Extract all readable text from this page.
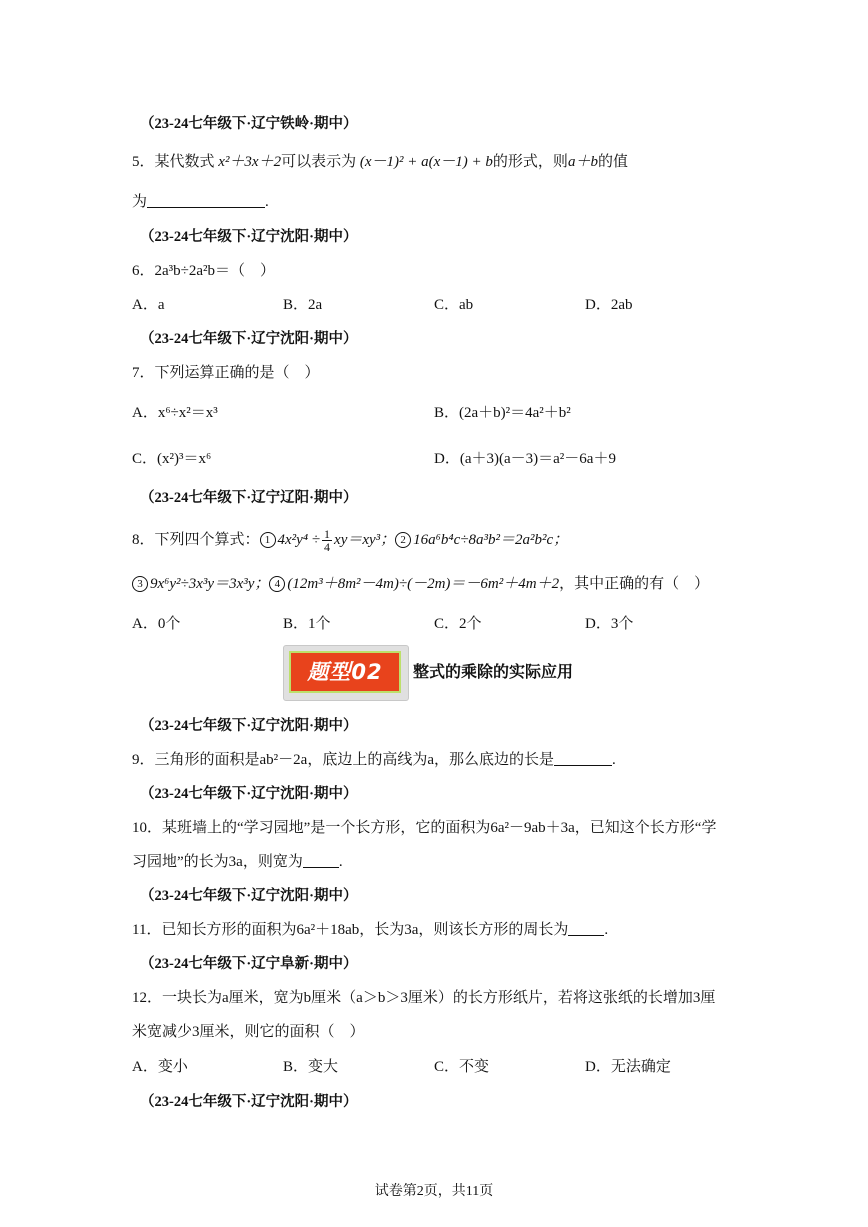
（23-24七年级下·辽宁铁岭·期中）
5．某代数式 x²＋3x＋2可以表示为 (x－1)² + a(x－1) + b的形式，则a＋b的值
为	.
（23-24七年级下·辽宁沈阳·期中）
6．2a³b÷2a²b＝（　）
A．a	B．2a	C．ab	D．2ab
（23-24七年级下·辽宁沈阳·期中）
7．下列运算正确的是（　）
A．x⁶÷x²＝x³	B．(2a＋b)²＝4a²＋b²
C．(x²)³＝x⁶	D．(a＋3)(a－3)＝a²－6a＋9
（23-24七年级下·辽宁辽阳·期中）
8．下列四个算式： 1 $4x^2y^4 \div \frac{1}{4} xy=xy^3$； 2 16a⁶b⁴c÷8a³b²＝2a²b²c；
3 9x⁶y²÷3x³y＝3x³y； 4 (12m³＋8m²－4m)÷(－2m)＝－6m²＋4m＋2，其中正确的有（　）
A．0个	B．1个	C．2个	D．3个
题型02	整式的乘除的实际应用
（23-24七年级下·辽宁沈阳·期中）
9．三角形的面积是ab²－2a，底边上的高线为a，那么底边的长是	.
（23-24七年级下·辽宁沈阳·期中）
10．某班墙上的“学习园地”是一个长方形，它的面积为6a²－9ab＋3a，已知这个长方形“学
习园地”的长为3a，则宽为 .
（23-24七年级下·辽宁沈阳·期中）
11．已知长方形的面积为6a²＋18ab，长为3a，则该长方形的周长为 .
（23-24七年级下·辽宁阜新·期中）
12．一块长为a厘米，宽为b厘米（a＞b＞3厘米）的长方形纸片，若将这张纸的长增加3厘
米宽减少3厘米，则它的面积（　）
A．变小	B．变大	C．不变	D．无法确定
（23-24七年级下·辽宁沈阳·期中）
试卷第2页，共11页
